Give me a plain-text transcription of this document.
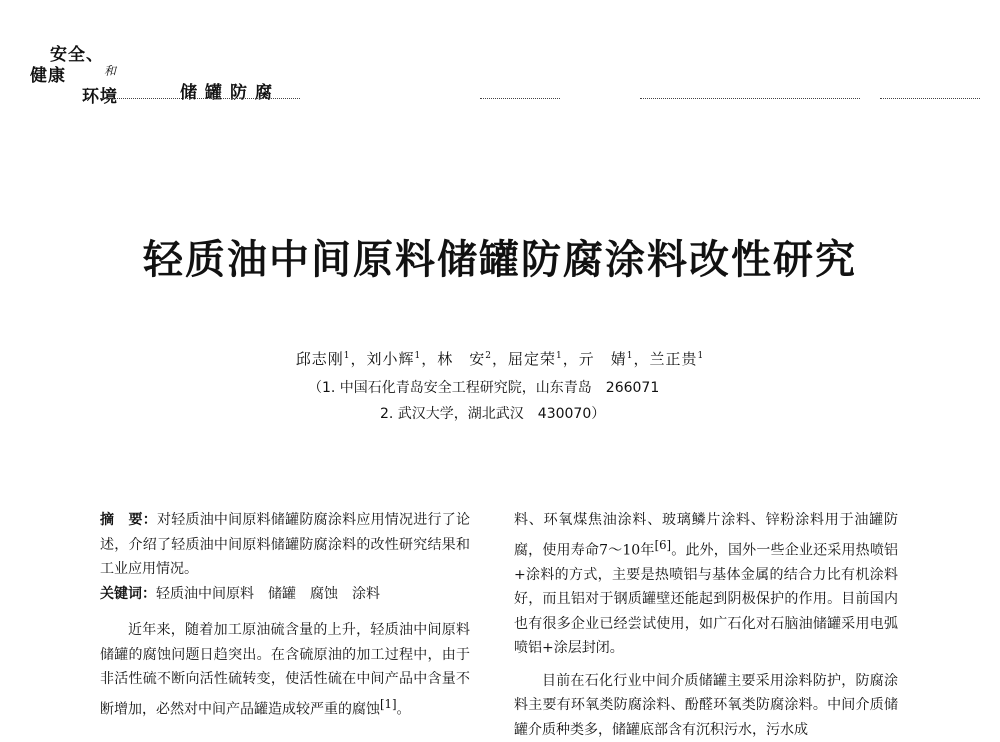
安全、
健康	和
环境	储罐防腐
轻质油中间原料储罐防腐涂料改性研究
邱志刚$^1$，刘小辉$^1$，林　安$^2$，屈定荣$^1$，亓　婧$^1$，兰正贵$^1$
（1. 中国石化青岛安全工程研究院，山东青岛　266071
2. 武汉大学，湖北武汉　430070）

摘　要：对轻质油中间原料储罐防腐涂料应用情况进行了论述，介绍了轻质油中间原料储罐防腐涂料的改性研究结果和工业应用情况。

关键词：轻质油中间原料　储罐　腐蚀　涂料

近年来，随着加工原油硫含量的上升，轻质油中间原料储罐的腐蚀问题日趋突出。在含硫原油的加工过程中，由于非活性硫不断向活性硫转变，使活性硫在中间产品中含量不断增加，必然对中间产品罐造成较严重的腐蚀[1]。

料、环氧煤焦油涂料、玻璃鳞片涂料、锌粉涂料用于油罐防腐，使用寿命7～10年[6]。此外，国外一些企业还采用热喷铝+涂料的方式，主要是热喷铝与基体金属的结合力比有机涂料好，而且铝对于钢质罐壁还能起到阴极保护的作用。目前国内也有很多企业已经尝试使用，如广石化对石脑油储罐采用电弧喷铝+涂层封闭。

目前在石化行业中间介质储罐主要采用涂料防护，防腐涂料主要有环氧类防腐涂料、酚醛环氧类防腐涂料。中间介质储罐介质种类多，储罐底部含有沉积污水，污水成
